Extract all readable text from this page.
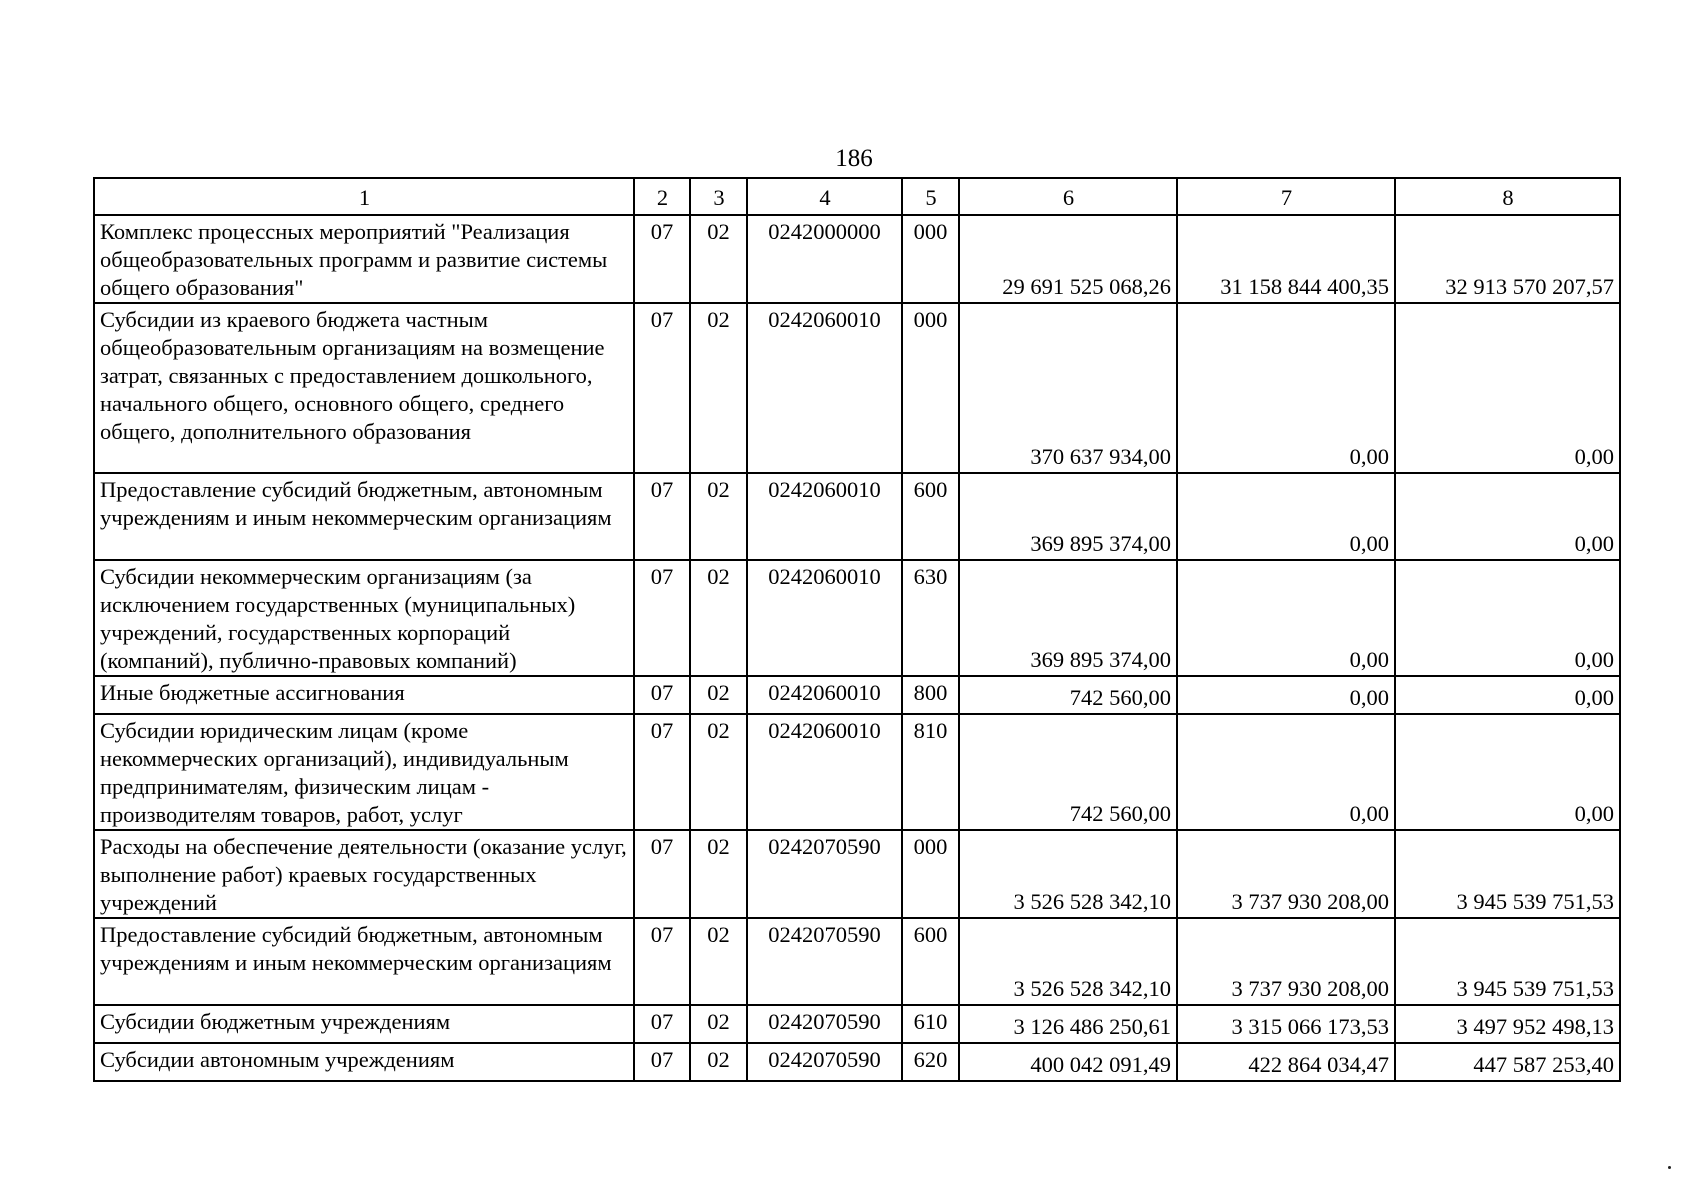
186
1	2	3	4	5	6	7	8
Комплекс процессных мероприятий "Реализация общеобразовательных программ и развитие системы общего образования"	07	02	0242000000	000	29 691 525 068,26	31 158 844 400,35	32 913 570 207,57
Субсидии из краевого бюджета частным общеобразовательным организациям на возмещение затрат, связанных с предоставлением дошкольного, начального общего, основного общего, среднего общего, дополнительного образования	07	02	0242060010	000	370 637 934,00	0,00	0,00
Предоставление субсидий бюджетным, автономным учреждениям и иным некоммерческим организациям	07	02	0242060010	600	369 895 374,00	0,00	0,00
Субсидии некоммерческим организациям (за исключением государственных (муниципальных) учреждений, государственных корпораций (компаний), публично-правовых компаний)	07	02	0242060010	630	369 895 374,00	0,00	0,00
Иные бюджетные ассигнования	07	02	0242060010	800	742 560,00	0,00	0,00
Субсидии юридическим лицам (кроме некоммерческих организаций), индивидуальным предпринимателям, физическим лицам - производителям товаров, работ, услуг	07	02	0242060010	810	742 560,00	0,00	0,00
Расходы на обеспечение деятельности (оказание услуг, выполнение работ) краевых государственных учреждений	07	02	0242070590	000	3 526 528 342,10	3 737 930 208,00	3 945 539 751,53
Предоставление субсидий бюджетным, автономным учреждениям и иным некоммерческим организациям	07	02	0242070590	600	3 526 528 342,10	3 737 930 208,00	3 945 539 751,53
Субсидии бюджетным учреждениям	07	02	0242070590	610	3 126 486 250,61	3 315 066 173,53	3 497 952 498,13
Субсидии автономным учреждениям	07	02	0242070590	620	400 042 091,49	422 864 034,47	447 587 253,40
